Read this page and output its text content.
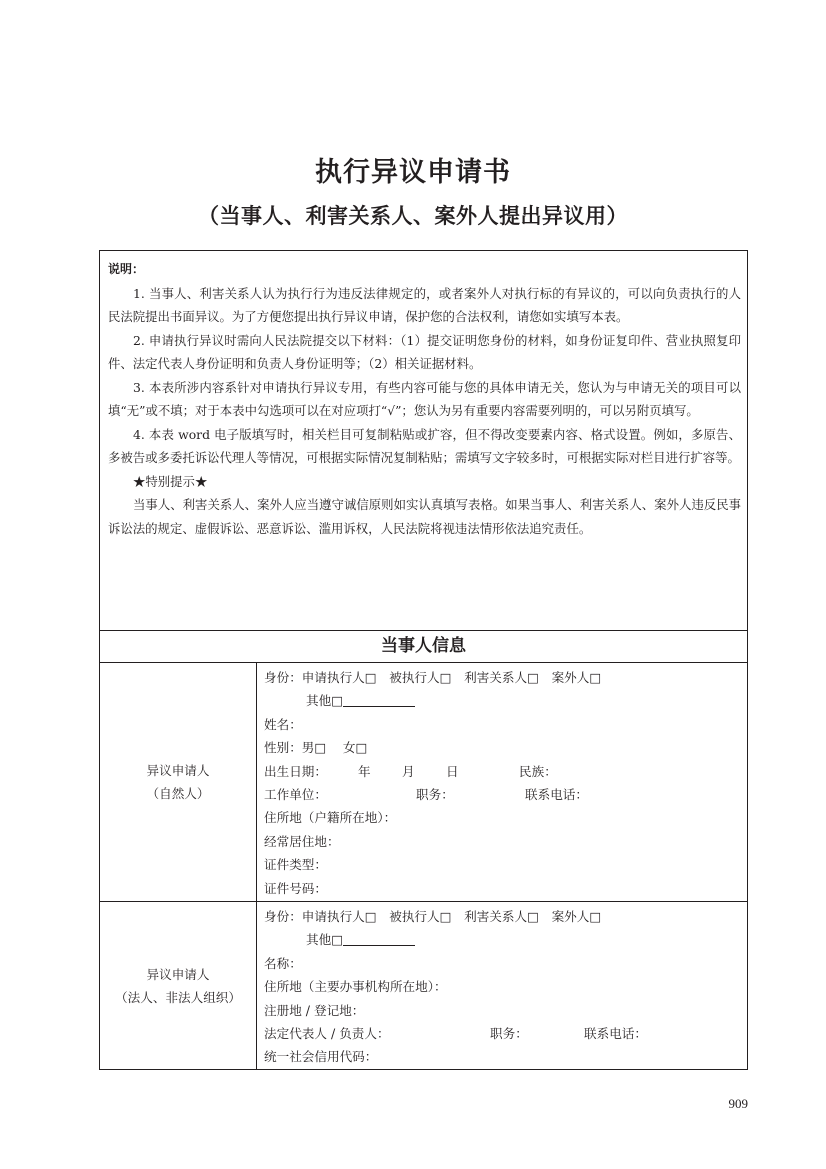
执行异议申请书
（当事人、利害关系人、案外人提出异议用）
说明：

1. 当事人、利害关系人认为执行行为违反法律规定的，或者案外人对执行标的有异议的，可以向负责执行的人民法院提出书面异议。为了方便您提出执行异议申请，保护您的合法权利，请您如实填写本表。

2. 申请执行异议时需向人民法院提交以下材料：（1）提交证明您身份的材料，如身份证复印件、营业执照复印件、法定代表人身份证明和负责人身份证明等；（2）相关证据材料。

3. 本表所涉内容系针对申请执行异议专用，有些内容可能与您的具体申请无关，您认为与申请无关的项目可以填“无”或不填；对于本表中勾选项可以在对应项打“√”；您认为另有重要内容需要列明的，可以另附页填写。

4. 本表 word 电子版填写时，相关栏目可复制粘贴或扩容，但不得改变要素内容、格式设置。例如，多原告、多被告或多委托诉讼代理人等情况，可根据实际情况复制粘贴；需填写文字较多时，可根据实际对栏目进行扩容等。

★特别提示★

当事人、利害关系人、案外人应当遵守诚信原则如实认真填写表格。如果当事人、利害关系人、案外人违反民事诉讼法的规定、虚假诉讼、恶意诉讼、滥用诉权，人民法院将视违法情形依法追究责任。

当事人信息
异议申请人
（自然人）
身份：申请执行人□　被执行人□　利害关系人□　案外人□
其他□
姓名：
性别：男□　 女□
出生日期： 年 月 日	民族：
工作单位：	职务：	联系电话：
住所地（户籍所在地）：
经常居住地：
证件类型：
证件号码：
异议申请人
（法人、非法人组织）
身份：申请执行人□　被执行人□　利害关系人□　案外人□
其他□
名称：
住所地（主要办事机构所在地）：
注册地 / 登记地：
法定代表人 / 负责人：	职务：	联系电话：
统一社会信用代码：
909
